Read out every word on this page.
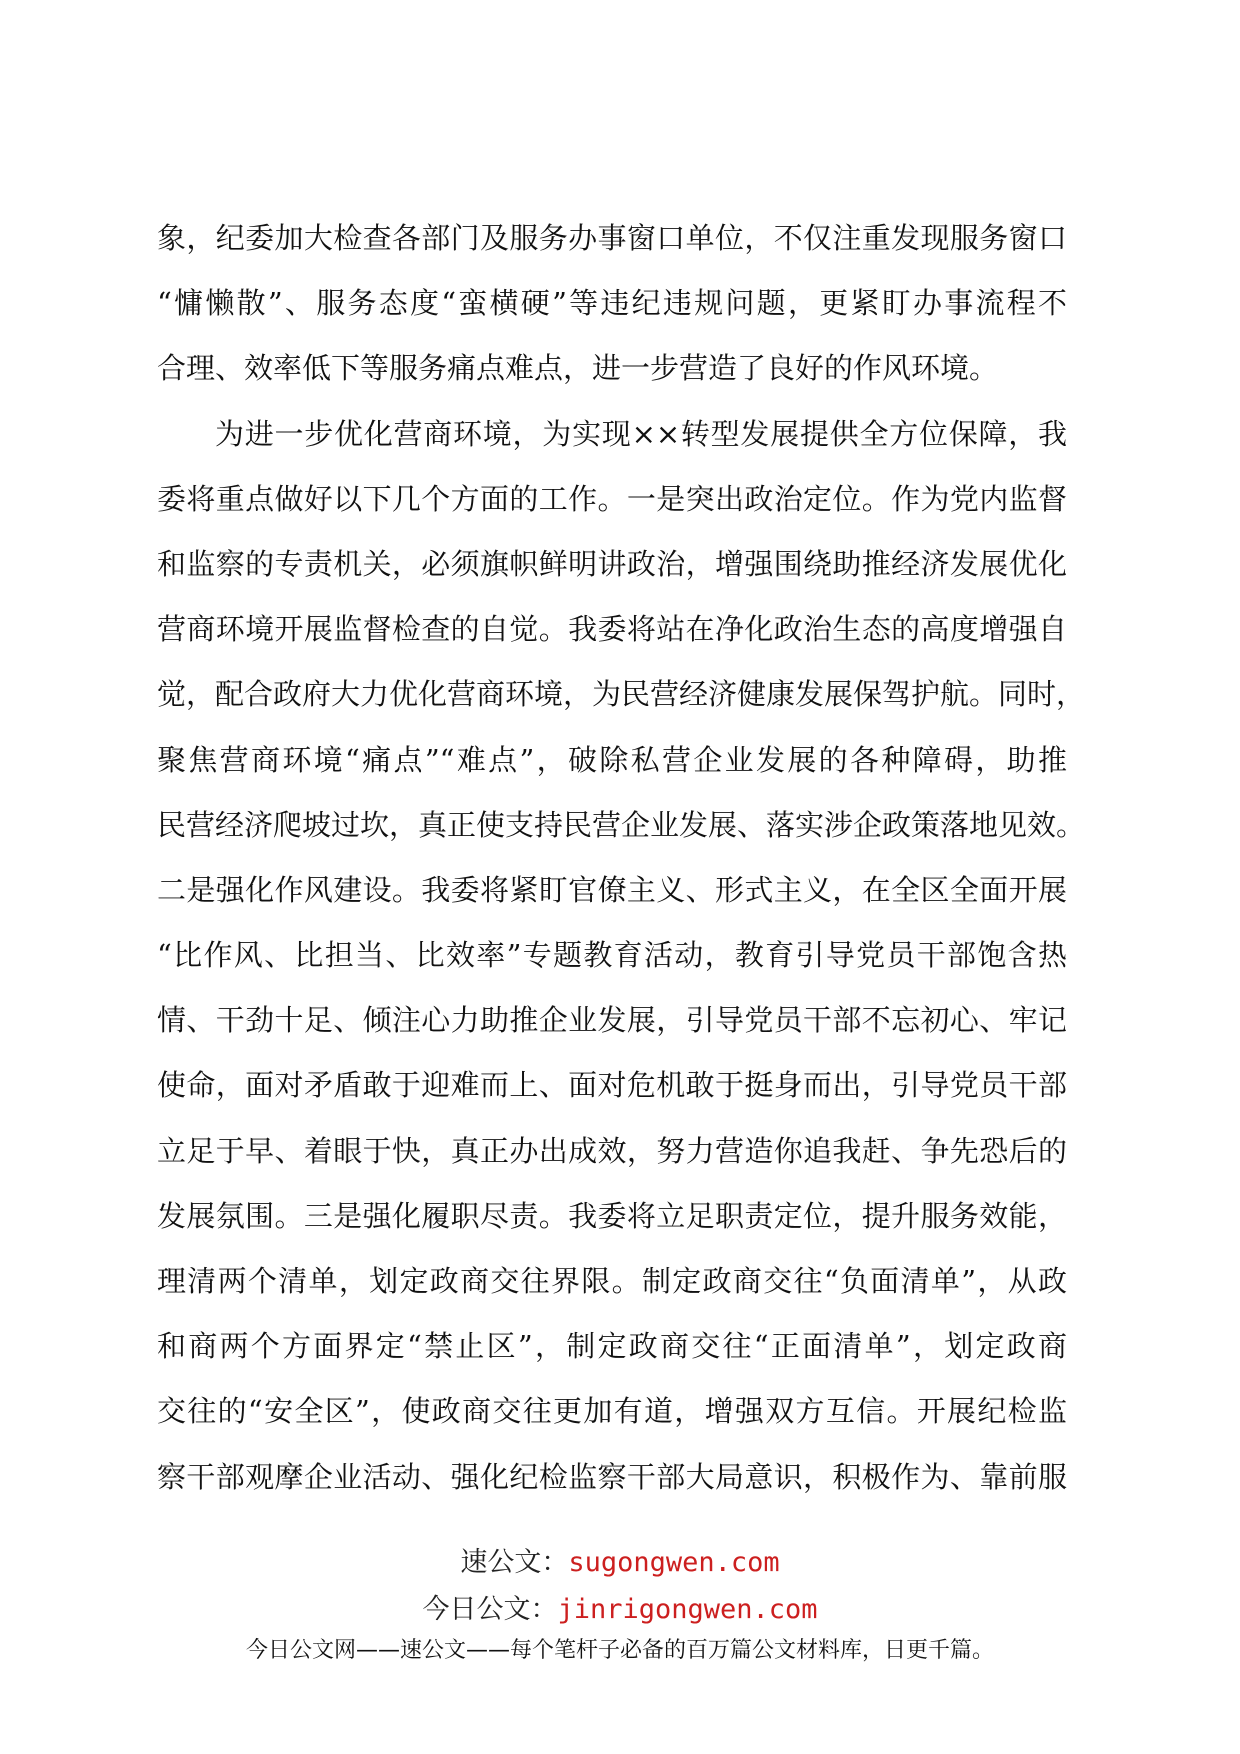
象，纪委加大检查各部门及服务办事窗口单位，不仅注重发现服务窗口
“慵懒散”、服务态度“蛮横硬”等违纪违规问题，更紧盯办事流程不
合理、效率低下等服务痛点难点，进一步营造了良好的作风环境。
为进一步优化营商环境，为实现××转型发展提供全方位保障，我
委将重点做好以下几个方面的工作。一是突出政治定位。作为党内监督
和监察的专责机关，必须旗帜鲜明讲政治，增强围绕助推经济发展优化
营商环境开展监督检查的自觉。我委将站在净化政治生态的高度增强自
觉，配合政府大力优化营商环境，为民营经济健康发展保驾护航。同时，
聚焦营商环境“痛点”“难点”，破除私营企业发展的各种障碍，助推
民营经济爬坡过坎，真正使支持民营企业发展、落实涉企政策落地见效。
二是强化作风建设。我委将紧盯官僚主义、形式主义，在全区全面开展
“比作风、比担当、比效率”专题教育活动，教育引导党员干部饱含热
情、干劲十足、倾注心力助推企业发展，引导党员干部不忘初心、牢记
使命，面对矛盾敢于迎难而上、面对危机敢于挺身而出，引导党员干部
立足于早、着眼于快，真正办出成效，努力营造你追我赶、争先恐后的
发展氛围。三是强化履职尽责。我委将立足职责定位，提升服务效能，
理清两个清单，划定政商交往界限。制定政商交往“负面清单”，从政
和商两个方面界定“禁止区”，制定政商交往“正面清单”，划定政商
交往的“安全区”，使政商交往更加有道，增强双方互信。开展纪检监
察干部观摩企业活动、强化纪检监察干部大局意识，积极作为、靠前服
速公文：sugongwen.com
今日公文：jinrigongwen.com
今日公文网——速公文——每个笔杆子必备的百万篇公文材料库，日更千篇。
